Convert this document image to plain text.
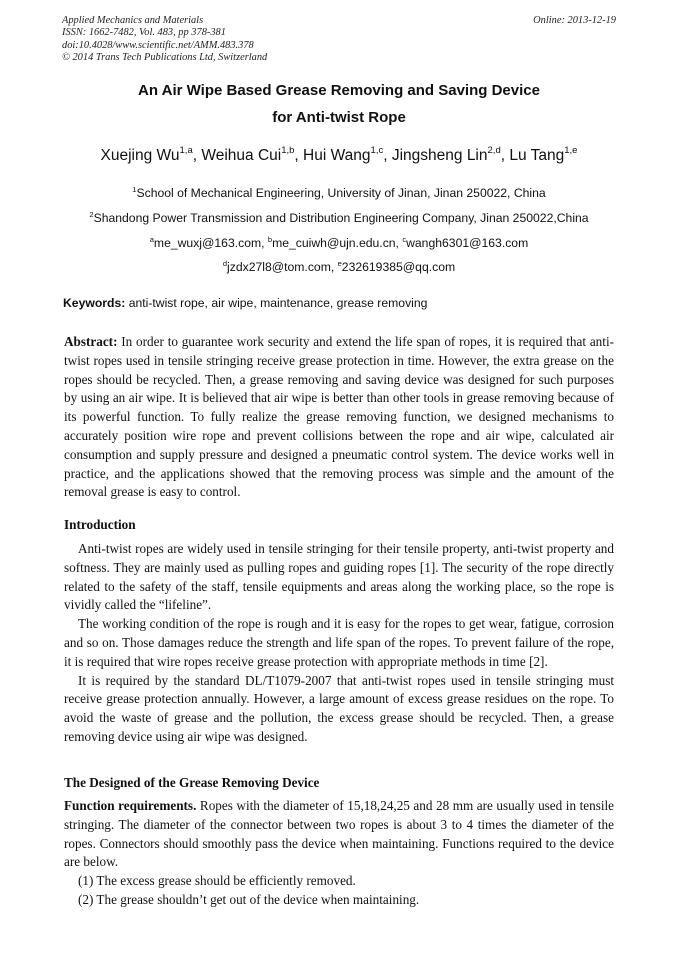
Applied Mechanics and Materials
ISSN: 1662-7482, Vol. 483, pp 378-381
doi:10.4028/www.scientific.net/AMM.483.378
© 2014 Trans Tech Publications Ltd, Switzerland
Online: 2013-12-19
An Air Wipe Based Grease Removing and Saving Device
for Anti-twist Rope
Xuejing Wu$^{1,a}$, Weihua Cui$^{1,b}$, Hui Wang$^{1,c}$, Jingsheng Lin$^{2,d}$, Lu Tang$^{1,e}$
$^1$School of Mechanical Engineering, University of Jinan, Jinan 250022, China
$^2$Shandong Power Transmission and Distribution Engineering Company, Jinan 250022,China
$^a$me_wuxj@163.com, $^b$me_cuiwh@ujn.edu.cn, $^c$wangh6301@163.com
$^d$jzdx27l8@tom.com, $^e$232619385@qq.com
Keywords: anti-twist rope, air wipe, maintenance, grease removing

Abstract: In order to guarantee work security and extend the life span of ropes, it is required that anti-twist ropes used in tensile stringing receive grease protection in time. However, the extra grease on the ropes should be recycled. Then, a grease removing and saving device was designed for such purposes by using an air wipe. It is believed that air wipe is better than other tools in grease removing because of its powerful function. To fully realize the grease removing function, we designed mechanisms to accurately position wire rope and prevent collisions between the rope and air wipe, calculated air consumption and supply pressure and designed a pneumatic control system. The device works well in practice, and the applications showed that the removing process was simple and the amount of the removal grease is easy to control.

Introduction

Anti-twist ropes are widely used in tensile stringing for their tensile property, anti-twist property and softness. They are mainly used as pulling ropes and guiding ropes [1]. The security of the rope directly related to the safety of the staff, tensile equipments and areas along the working place, so the rope is vividly called the “lifeline”.

The working condition of the rope is rough and it is easy for the ropes to get wear, fatigue, corrosion and so on. Those damages reduce the strength and life span of the ropes. To prevent failure of the rope, it is required that wire ropes receive grease protection with appropriate methods in time [2].

It is required by the standard DL/T1079-2007 that anti-twist ropes used in tensile stringing must receive grease protection annually. However, a large amount of excess grease residues on the rope. To avoid the waste of grease and the pollution, the excess grease should be recycled. Then, a grease removing device using air wipe was designed.

The Designed of the Grease Removing Device

Function requirements. Ropes with the diameter of 15,18,24,25 and 28 mm are usually used in tensile stringing. The diameter of the connector between two ropes is about 3 to 4 times the diameter of the ropes. Connectors should smoothly pass the device when maintaining. Functions required to the device are below.

(1) The excess grease should be efficiently removed.

(2) The grease shouldn’t get out of the device when maintaining.
